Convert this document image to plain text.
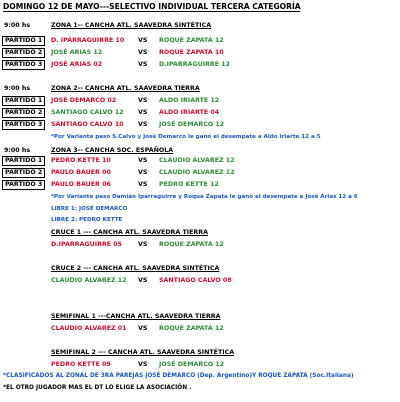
DOMINGO 12 DE MAYO---SELECTIVO INDIVIDUAL TERCERA CATEGORÍA
9:00 hs	ZONA 1-- CANCHA ATL. SAAVEDRA SINTÉTICA
PARTIDO 1	D. IPARRAGUIRRE 10 VS ROQUE ZAPATA 12
PARTIDO 2	JOSÉ ARIAS 12	VS ROQUE ZAPATA 10
PARTIDO 3	JOSÉ ARIAS 02	VS D.IPARRAGUIRRE 12
9:00 hs	ZONA 2-- CANCHA ATL. SAAVEDRA TIERRA
PARTIDO 1	JOSÉ DEMARCO 02	VS ALDO IRIARTE 12
PARTIDO 2	SANTIAGO CALVO 12 VS ALDO IRIARTE 04
PARTIDO 3	SANTIAGO CALVO 10 VS JOSÉ DEMARCO 12
*Por Variante paso S.Calvo y José Demarco le ganó el desempate a Aldo Iriarte 12 a 5
9:00 hs	ZONA 3-- CANCHA SOC. ESPAÑOLA
PARTIDO 1	PEDRO KETTE 10	VS CLAUDIO ALVAREZ 12
PARTIDO 2	PAULO BAUER 00	VS CLAUDIO ALVAREZ 12
PARTIDO 3	PAULO BAUER 06	VS PEDRO KETTE 12
*Por Variante paso Damián Iparraguirre y Roque Zapata le ganó el desempate a José Arias 12 a 6
LIBRE 1: JOSÉ DEMARCO
LIBRE 2: PEDRO KETTE
CRUCE 1 --- CANCHA ATL. SAAVEDRA TIERRA
D.IPARRAGUIRRE 05	VS ROQUE ZAPATA 12
CRUCE 2 --- CANCHA ATL. SAAVEDRA SINTÉTICA
CLAUDIO ALVAREZ 12 VS SANTIAGO CALVO 08
SEMIFINAL 1 ---CANCHA ATL. SAAVEDRA TIERRA
CLAUDIO ALVAREZ 01 VS ROQUE ZAPATA 12
SEMIFINAL 2 --- CANCHA ATL. SAAVEDRA SINTÉTICA
PEDRO KETTE 09	VS JOSÉ DEMARCO 12
*CLASIFICADOS AL ZONAL DE 3RA PAREJAS JOSÉ DEMARCO (Dep. Argentino)Y ROQUE ZAPATA (Soc.Italiana)
*EL OTRO JUGADOR MAS EL DT LO ELIGE LA ASOCIACIÓN .
